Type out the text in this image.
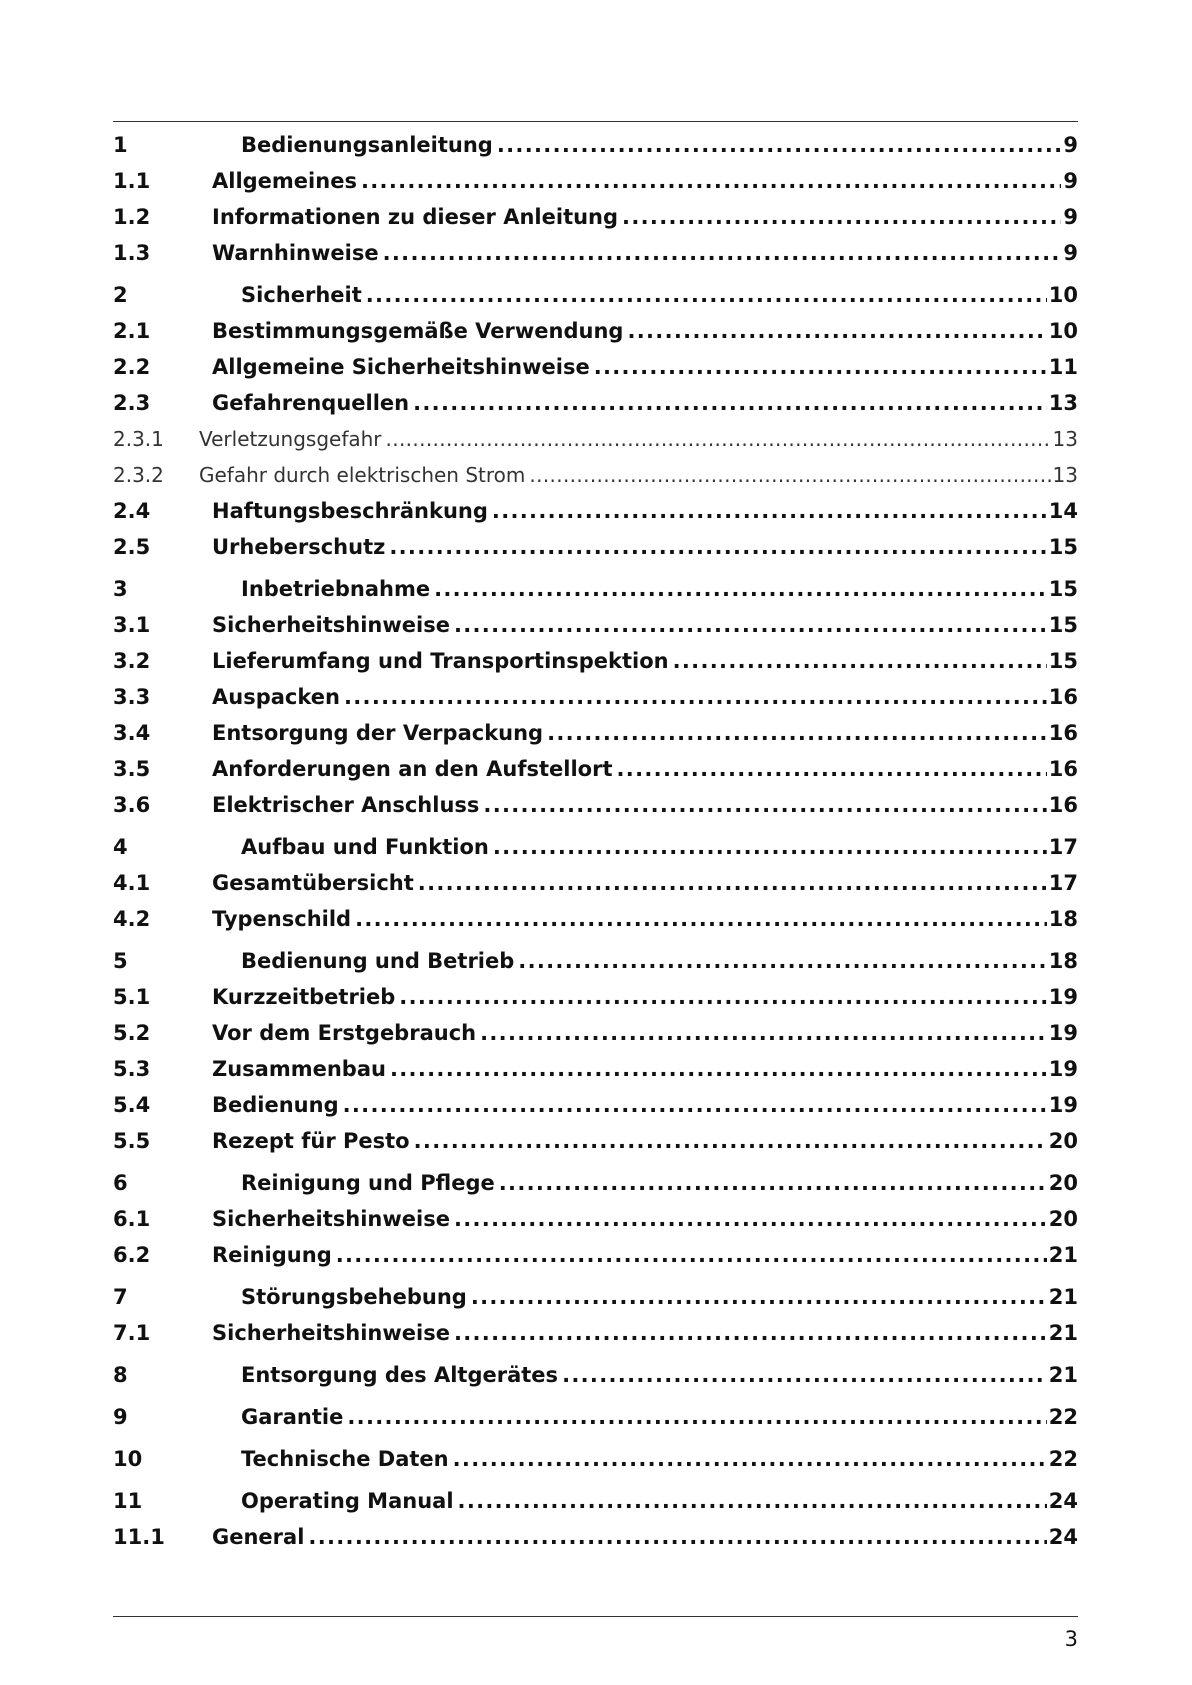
1	Bedienungsanleitung . . .	9
1.1	Allgemeines . . .	9
1.2	Informationen zu dieser Anleitung . . .	9
1.3	Warnhinweise . . .	9
2	Sicherheit . . .	10
2.1	Bestimmungsgemäße Verwendung . . .	10
2.2	Allgemeine Sicherheitshinweise . . .	11
2.3	Gefahrenquellen . . .	13
2.3.1 Verletzungsgefahr . . .	13
2.3.2 Gefahr durch elektrischen Strom . . .	13
2.4	Haftungsbeschränkung . . .	14
2.5	Urheberschutz . . .	15
3	Inbetriebnahme . . .	15
3.1	Sicherheitshinweise . . .	15
3.2	Lieferumfang und Transportinspektion . . .	15
3.3	Auspacken . . .	16
3.4	Entsorgung der Verpackung . . .	16
3.5	Anforderungen an den Aufstellort . . .	16
3.6	Elektrischer Anschluss . . .	16
4	Aufbau und Funktion . . .	17
4.1	Gesamtübersicht . . .	17
4.2	Typenschild . . .	18
5	Bedienung und Betrieb . . .	18
5.1	Kurzzeitbetrieb . . .	19
5.2	Vor dem Erstgebrauch . . .	19
5.3	Zusammenbau . . .	19
5.4	Bedienung . . .	19
5.5	Rezept für Pesto . . .	20
6	Reinigung und Pflege . . .	20
6.1	Sicherheitshinweise . . .	20
6.2	Reinigung . . .	21
7	Störungsbehebung . . .	21
7.1	Sicherheitshinweise . . .	21
8	Entsorgung des Altgerätes . . .	21
9	Garantie . . .	22
10	Technische Daten . . .	22
11	Operating Manual . . .	24
11.1 General . . .	24
3
